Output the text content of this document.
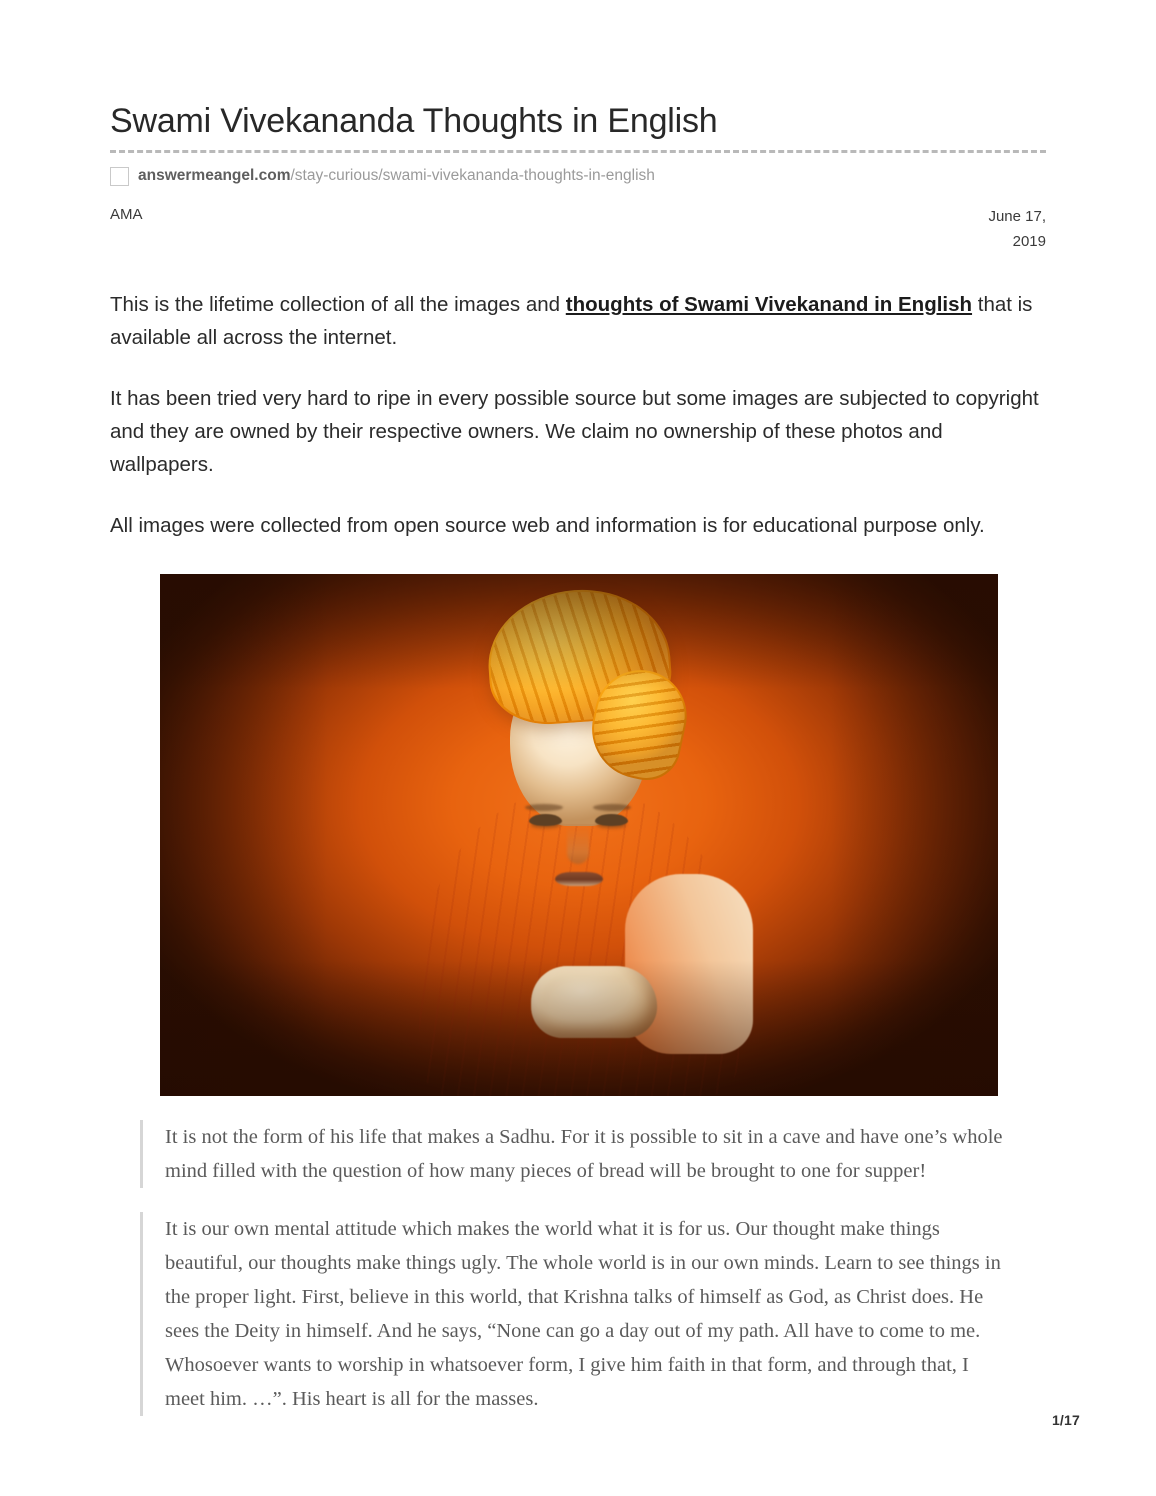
Swami Vivekananda Thoughts in English
answermeangel.com/stay-curious/swami-vivekananda-thoughts-in-english
AMA	June 17, 2019

This is the lifetime collection of all the images and thoughts of Swami Vivekanand in English that is available all across the internet.

It has been tried very hard to ripe in every possible source but some images are subjected to copyright and they are owned by their respective owners. We claim no ownership of these photos and wallpapers.

All images were collected from open source web and information is for educational purpose only.

It is not the form of his life that makes a Sadhu. For it is possible to sit in a cave and have one’s whole mind filled with the question of how many pieces of bread will be brought to one for supper!

It is our own mental attitude which makes the world what it is for us. Our thought make things beautiful, our thoughts make things ugly. The whole world is in our own minds. Learn to see things in the proper light. First, believe in this world, that Krishna talks of himself as God, as Christ does. He sees the Deity in himself. And he says, “None can go a day out of my path. All have to come to me. Whosoever wants to worship in whatsoever form, I give him faith in that form, and through that, I meet him. …”. His heart is all for the masses.

1/17
